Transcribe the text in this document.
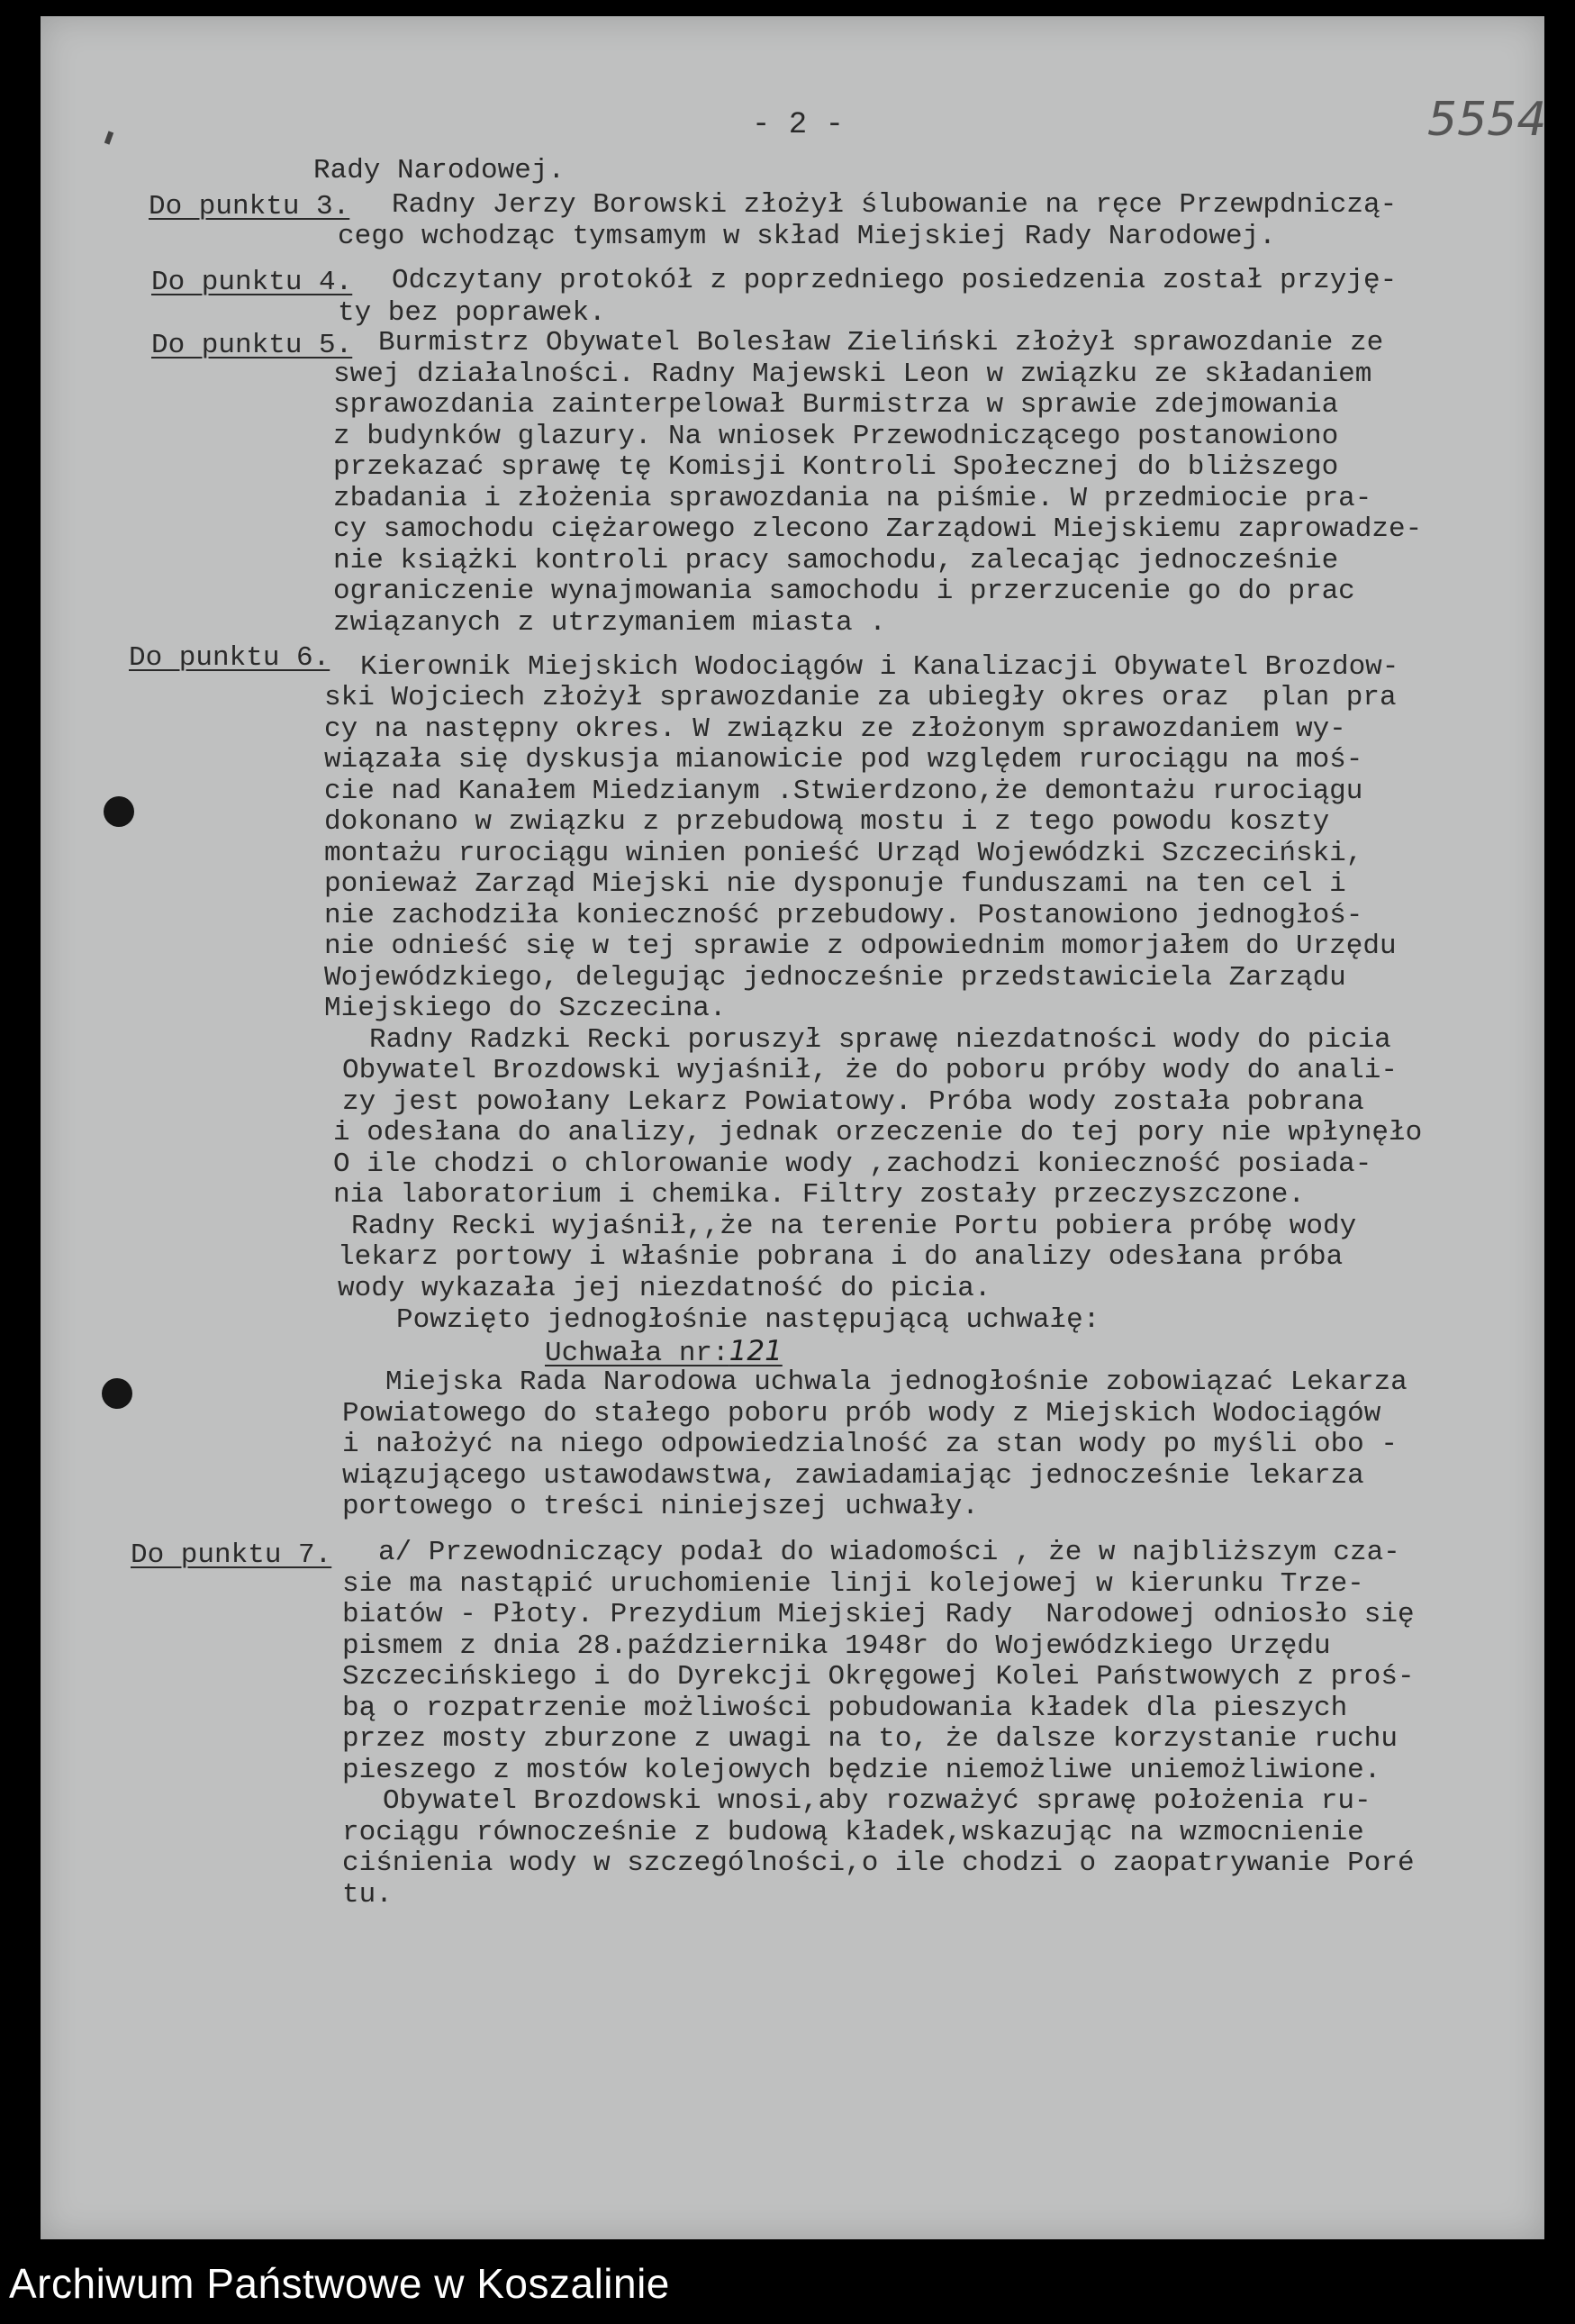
- 2 -	5554
Rady Narodowej.
Do punktu 3. Radny Jerzy Borowski złożył ślubowanie na ręce Przewpdniczą-
cego wchodząc tymsamym w skład Miejskiej Rady Narodowej.
Do punktu 4. Odczytany protokół z poprzedniego posiedzenia został przyję-
ty bez poprawek.
Do punktu 5. Burmistrz Obywatel Bolesław Zieliński złożył sprawozdanie ze
swej działalności. Radny Majewski Leon w związku ze składaniem
sprawozdania zainterpelował Burmistrza w sprawie zdejmowania
z budynków glazury. Na wniosek Przewodniczącego postanowiono
przekazać sprawę tę Komisji Kontroli Społecznej do bliższego
zbadania i złożenia sprawozdania na piśmie. W przedmiocie pra-
cy samochodu ciężarowego zlecono Zarządowi Miejskiemu zaprowadze-
nie książki kontroli pracy samochodu, zalecając jednocześnie
ograniczenie wynajmowania samochodu i przerzucenie go do prac
związanych z utrzymaniem miasta .
Do punktu 6. Kierownik Miejskich Wodociągów i Kanalizacji Obywatel Brozdow-
ski Wojciech złożył sprawozdanie za ubiegły okres oraz  plan pra
cy na następny okres. W związku ze złożonym sprawozdaniem wy-
wiązała się dyskusja mianowicie pod względem rurociągu na moś-
cie nad Kanałem Miedzianym .Stwierdzono,że demontażu rurociągu
dokonano w związku z przebudową mostu i z tego powodu koszty
montażu rurociągu winien ponieść Urząd Wojewódzki Szczeciński,
ponieważ Zarząd Miejski nie dysponuje funduszami na ten cel i
nie zachodziła konieczność przebudowy. Postanowiono jednogłoś-
nie odnieść się w tej sprawie z odpowiednim momorjałem do Urzędu
Wojewódzkiego, delegując jednocześnie przedstawiciela Zarządu
Miejskiego do Szczecina.
Radny Radzki Recki poruszył sprawę niezdatności wody do picia
Obywatel Brozdowski wyjaśnił, że do poboru próby wody do anali-
zy jest powołany Lekarz Powiatowy. Próba wody została pobrana
i odesłana do analizy, jednak orzeczenie do tej pory nie wpłynęło
O ile chodzi o chlorowanie wody ,zachodzi konieczność posiada-
nia laboratorium i chemika. Filtry zostały przeczyszczone.
Radny Recki wyjaśnił,,że na terenie Portu pobiera próbę wody
lekarz portowy i właśnie pobrana i do analizy odesłana próba
wody wykazała jej niezdatność do picia.
Powzięto jednogłośnie następującą uchwałę:
Uchwała nr:121
Miejska Rada Narodowa uchwala jednogłośnie zobowiązać Lekarza
Powiatowego do stałego poboru prób wody z Miejskich Wodociągów
i nałożyć na niego odpowiedzialność za stan wody po myśli obo -
wiązującego ustawodawstwa, zawiadamiając jednocześnie lekarza
portowego o treści niniejszej uchwały.
Do punktu 7. a/ Przewodniczący podał do wiadomości , że w najbliższym cza-
sie ma nastąpić uruchomienie linji kolejowej w kierunku Trze-
biatów - Płoty. Prezydium Miejskiej Rady  Narodowej odniosło się
pismem z dnia 28.października 1948r do Wojewódzkiego Urzędu
Szczecińskiego i do Dyrekcji Okręgowej Kolei Państwowych z proś-
bą o rozpatrzenie możliwości pobudowania kładek dla pieszych
przez mosty zburzone z uwagi na to, że dalsze korzystanie ruchu
pieszego z mostów kolejowych będzie niemożliwe uniemożliwione.
Obywatel Brozdowski wnosi,aby rozważyć sprawę położenia ru-
rociągu równocześnie z budową kładek,wskazując na wzmocnienie
ciśnienia wody w szczególności,o ile chodzi o zaopatrywanie Poré
tu.
Archiwum Państwowe w Koszalinie
